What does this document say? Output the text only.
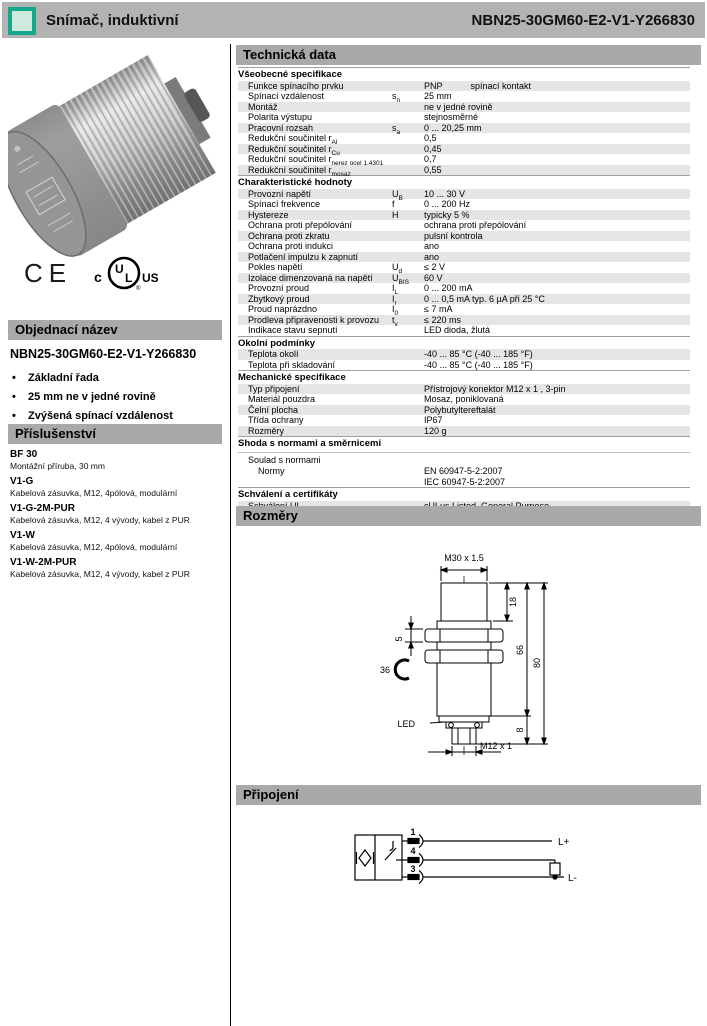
Snímač, induktivní	NBN25-30GM60-E2-V1-Y266830
CE c U
L
®
US
Objednací název
NBN25-30GM60-E2-V1-Y266830
• Základní řada
• 25 mm ne v jedné rovině
• Zvýšená spínací vzdálenost
Příslušenství
BF 30
Montážní příruba, 30 mm
V1-G
Kabelová zásuvka, M12, 4pólová, modulární
V1-G-2M-PUR
Kabelová zásuvka, M12, 4 vývody, kabel z PUR
V1-W
Kabelová zásuvka, M12, 4pólová, modulární
V1-W-2M-PUR
Kabelová zásuvka, M12, 4 vývody, kabel z PUR
Technická data
Všeobecné specifikace
Funkce spínacího prvku	PNP	spínací kontakt
Spínací vzdálenost	$s_n$	25 mm
Montáž	ne v jedné rovině
Polarita výstupu	stejnosměrné
Pracovní rozsah	$s_a$	0 ... 20,25 mm
Redukční součinitel $r_{Al}$	0,5
Redukční součinitel $r_{Cu}$	0,45
Redukční součinitel $r_{nerez ocel 1.4301}$	0,7
Redukční součinitel $r_{mosaz}$	0,55
Charakteristické hodnoty
Provozní napětí	$U_B$	10 ... 30 V
Spínací frekvence	f	0 ... 200 Hz
Hystereze	H	typicky 5 %
Ochrana proti přepólování	ochrana proti přepólování
Ochrana proti zkratu	pulsní kontrola
Ochrana proti indukci	ano
Potlačení impulzu k zapnutí	ano
Pokles napětí	$U_d$	≤ 2 V
Izolace dimenzovaná na napětí	$U_{BIS}$	60 V
Provozní proud	$I_L$	0 ... 200 mA
Zbytkový proud	$I_r$	0 ... 0,5 mA typ. 6 µA při 25 °C
Proud naprázdno	$I_0$	≤ 7 mA
Prodleva připravenosti k provozu	$t_v$	≤ 220 ms
Indikace stavu sepnutí	LED dioda, žlutá
Okolní podmínky
Teplota okolí	-40 ... 85 °C (-40 ... 185 °F)
Teplota při skladování	-40 ... 85 °C (-40 ... 185 °F)
Mechanické specifikace
Typ připojení	Přístrojový konektor M12 x 1 , 3-pin
Materiál pouzdra	Mosaz, poniklovaná
Čelní plocha	Polybutyltereftalát
Třída ochrany	IP67
Rozměry	120 g
Shoda s normami a směrnicemi
Soulad s normami
Normy	EN 60947-5-2:2007
IEC 60947-5-2:2007
Schválení a certifikáty
Rozměry
M30 x 1.5
18
66
80
8
5
36
LED
M12 x 1
Připojení
1
4
3
L+
L-
